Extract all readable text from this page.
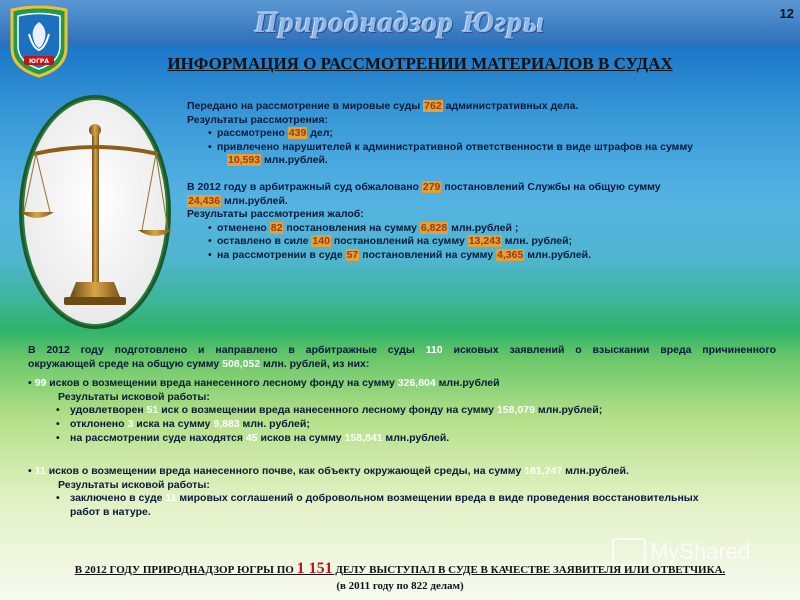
Природнадзор Югры	12
ЮГРА	ИНФОРМАЦИЯ О РАССМОТРЕНИИ МАТЕРИАЛОВ В СУДАХ
Передано на рассмотрение в мировые суды 762 административных дела.
Результаты рассмотрения:
• рассмотрено 439 дел;
• привлечено нарушителей к административной ответственности в виде штрафов на сумму
10,593 млн.рублей.
В 2012 году в арбитражный суд обжаловано 279 постановлений Службы на общую сумму
24,436 млн.рублей.
Результаты рассмотрения жалоб:
• отменено 82 постановления на сумму 6,828 млн.рублей ;
• оставлено в силе 140 постановлений на сумму 13,243 млн. рублей;
• на рассмотрении в суде 57 постановлений на сумму 4,365 млн.рублей.
В 2012 году подготовлено и направлено в арбитражные суды 110 исковых заявлений о взыскании вреда причиненного
окружающей среде на общую сумму 508,052 млн. рублей, из них:
• 99 исков о возмещении вреда нанесенного лесному фонду на сумму 326,804 млн.рублей
Результаты исковой работы:
• удовлетворен 51 иск о возмещении вреда нанесенного лесному фонду на сумму 158,079 млн.рублей;
• отклонено 3 иска на сумму 9,883 млн. рублей;
• на рассмотрении суде находятся 45 исков на сумму 158,841 млн.рублей.
• 11 исков о возмещении вреда нанесенного почве, как объекту окружающей среды, на сумму 181,247 млн.рублей.
Результаты исковой работы:
• заключено в суде 11 мировых соглашений о добровольном возмещении вреда в виде проведения восстановительных
работ в натуре.
В 2012 ГОДУ ПРИРОДНАДЗОР ЮГРЫ ПО 1 151 ДЕЛУ ВЫСТУПАЛ В СУДЕ В КАЧЕСТВЕ ЗАЯВИТЕЛЯ ИЛИ ОТВЕТЧИКА.
(в 2011 году по 822 делам)
MyShared
